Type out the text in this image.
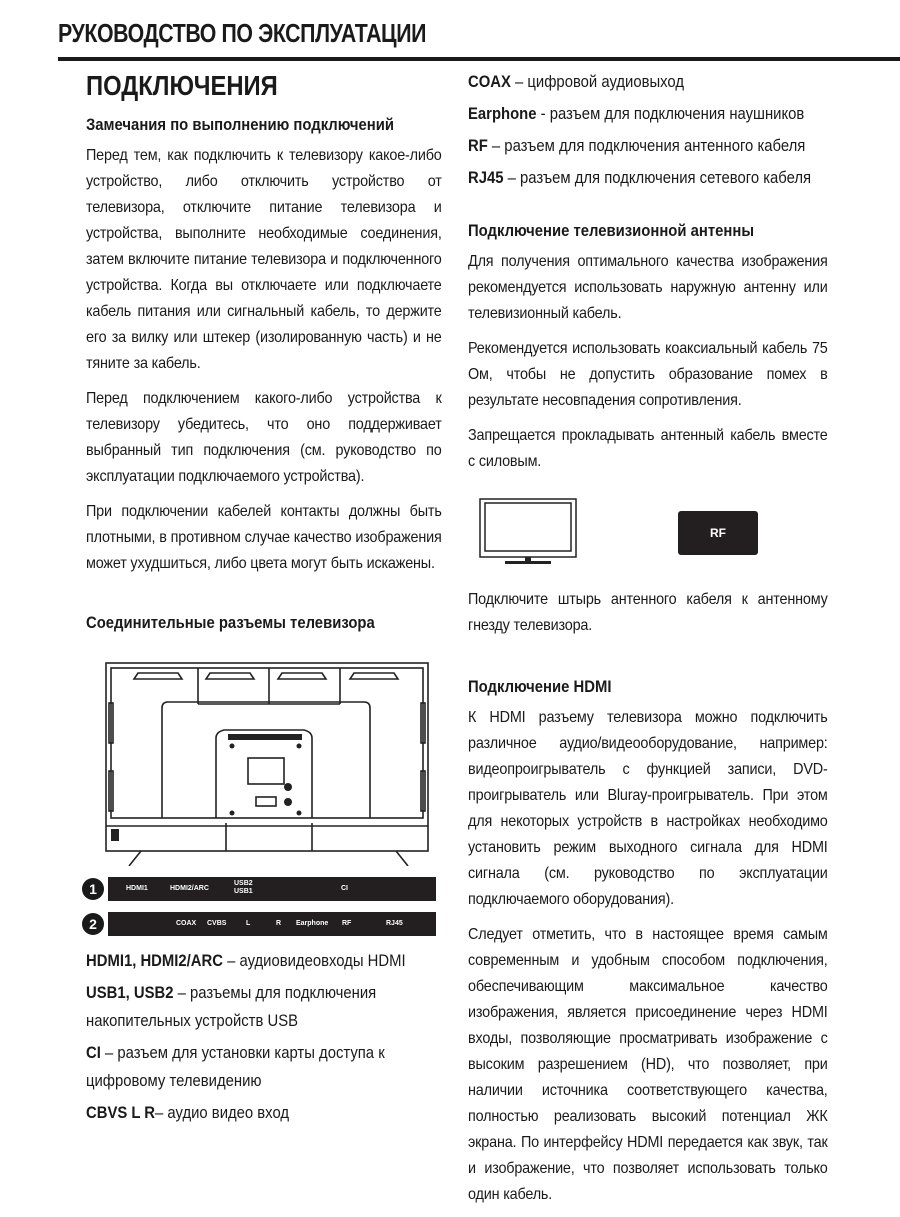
РУКОВОДСТВО ПО ЭКСПЛУАТАЦИИ
ПОДКЛЮЧЕНИЯ
Замечания по выполнению подключений

Перед тем, как подключить к телевизору какое-либо устройство, либо отключить устройство от телевизора, отключите питание телевизора и устройства, выполните необходимые соединения, затем включите питание телевизора и подключенного устройства. Когда вы отключаете или подключаете кабель питания или сигнальный кабель, то держите его за вилку или штекер (изолированную часть) и не тяните за кабель.

Перед подключением какого-либо устройства к телевизору убедитесь, что оно поддерживает выбранный тип подключения (см. руководство по эксплуатации подключаемого устройства).

При подключении кабелей контакты должны быть плотными, в противном случае качество изображения может ухудшиться, либо цвета могут быть искажены.

Соединительные разъемы телевизора
1	HDMI1	HDMI2/ARC
USB2
USB1	CI
2	COAX CVBS	L	R Earphone RF	RJ45
HDMI1, HDMI2/ARC – аудиовидеовходы HDMI
USB1, USB2 – разъемы для подключения накопительных устройств USB
CI – разъем для установки карты доступа к цифровому телевидению
CBVS L R– аудио видео вход
COAX – цифровой аудиовыход
Earphone - разъем для подключения наушников
RF – разъем для подключения антенного кабеля
RJ45 – разъем для подключения сетевого кабеля
Подключение телевизионной антенны

Для получения оптимального качества изображения рекомендуется использовать наружную антенну или телевизионный кабель.

Рекомендуется использовать коаксиальный кабель 75 Ом, чтобы не допустить образование помех в результате несовпадения сопротивления.

Запрещается прокладывать антенный кабель вместе с силовым.

RF

Подключите штырь антенного кабеля к антенному гнезду телевизора.

Подключение HDMI

К HDMI разъему телевизора можно подключить различное аудио/видеооборудование, например: видеопроигрыватель с функцией записи, DVD-проигрыватель или Bluray-проигрыватель. При этом для некоторых устройств в настройках необходимо установить режим выходного сигнала для HDMI сигнала (см. руководство по эксплуатации подключаемого оборудования).

Следует отметить, что в настоящее время самым современным и удобным способом подключения, обеспечивающим максимальное качество изображения, является присоединение через HDMI входы, позволяющие просматривать изображение с высоким разрешением (HD), что позволяет, при наличии источника соответствующего качества, полностью реализовать высокий потенциал ЖК экрана. По интерфейсу HDMI передается как звук, так и изображение, что позволяет использовать только один кабель.
